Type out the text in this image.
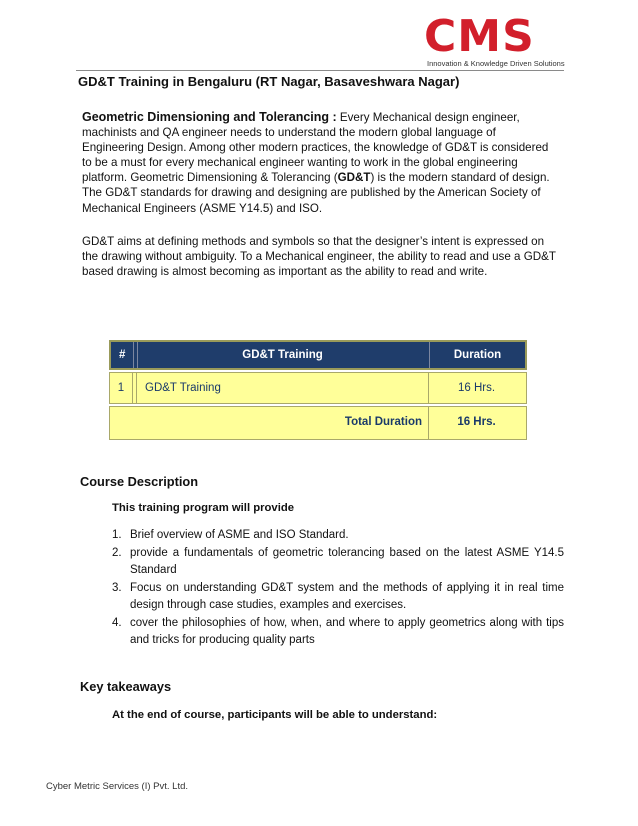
CMS
Innovation & Knowledge Driven Solutions
GD&T Training in Bengaluru (RT Nagar, Basaveshwara Nagar)
Geometric Dimensioning and Tolerancing : Every Mechanical design engineer, machinists and QA engineer needs to understand the modern global language of Engineering Design. Among other modern practices, the knowledge of GD&T is considered to be a must for every mechanical engineer wanting to work in the global engineering platform. Geometric Dimensioning & Tolerancing (GD&T) is the modern standard of design. The GD&T standards for drawing and designing are published by the American Society of Mechanical Engineers (ASME Y14.5) and ISO.
GD&T aims at defining methods and symbols so that the designer’s intent is expressed on the drawing without ambiguity. To a Mechanical engineer, the ability to read and use a GD&T based drawing is almost becoming as important as the ability to read and write.
#	GD&T Training	Duration
1	GD&T Training	16 Hrs.
Total Duration	16 Hrs.
Course Description
This training program will provide
1. Brief overview of ASME and ISO Standard.
2. provide a fundamentals of geometric tolerancing based on the latest ASME Y14.5 Standard
3. Focus on understanding GD&T system and the methods of applying it in real time design through case studies, examples and exercises.
4. cover the philosophies of how, when, and where to apply geometrics along with tips and tricks for producing quality parts
Key takeaways
At the end of course, participants will be able to understand:
Cyber Metric Services (I) Pvt. Ltd.
